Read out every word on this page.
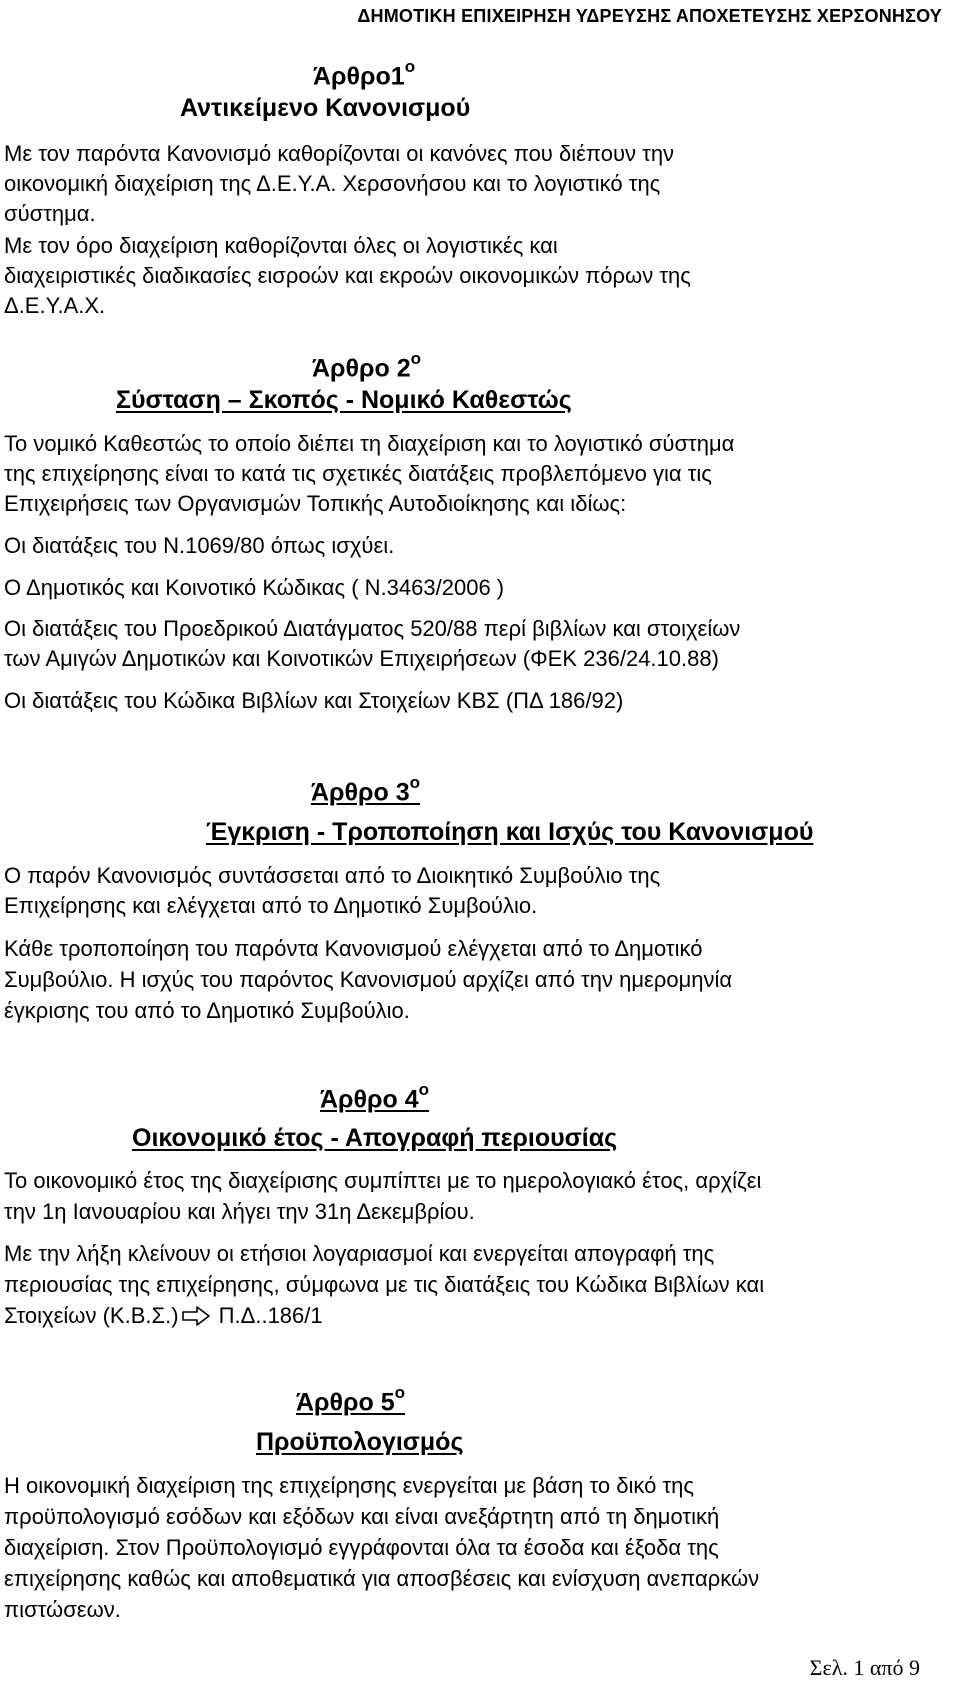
ΔΗΜΟΤΙΚΗ ΕΠΙΧΕΙΡΗΣΗ ΥΔΡΕΥΣΗΣ ΑΠΟΧΕΤΕΥΣΗΣ ΧΕΡΣΟΝΗΣΟΥ
$Ά\rho\theta\rho o1^o$
Αντικείμενο Κανονισμού
Με τον παρόντα Κανονισμό καθορίζονται οι κανόνες που διέπουν την
οικονομική διαχείριση της Δ.Ε.Υ.Α. Χερσονήσου και το λογιστικό της
σύστημα.
Με τον όρο διαχείριση καθορίζονται όλες οι λογιστικές και
διαχειριστικές διαδικασίες εισροών και εκροών οικονομικών πόρων της
Δ.Ε.Υ.Α.Χ.
Άρθρο $2^o$
Σύσταση – Σκοπός - Νομικό Καθεστώς
Το νομικό Καθεστώς το οποίο διέπει τη διαχείριση και το λογιστικό σύστημα
της επιχείρησης είναι το κατά τις σχετικές διατάξεις προβλεπόμενο για τις
Επιχειρήσεις των Οργανισμών Τοπικής Αυτοδιοίκησης και ιδίως:
Οι διατάξεις του Ν.1069/80 όπως ισχύει.
Ο Δημοτικός και Κοινοτικό Κώδικας ( Ν.3463/2006 )
Οι διατάξεις του Προεδρικού Διατάγματος 520/88 περί βιβλίων και στοιχείων
των Αμιγών Δημοτικών και Κοινοτικών Επιχειρήσεων (ΦΕΚ 236/24.10.88)
Οι διατάξεις του Κώδικα Βιβλίων και Στοιχείων ΚΒΣ (ΠΔ 186/92)
Άρθρο $3^o$
Έγκριση - Τροποποίηση και Ισχύς του Κανονισμού
Ο παρόν Κανονισμός συντάσσεται από το Διοικητικό Συμβούλιο της
Επιχείρησης και ελέγχεται από το Δημοτικό Συμβούλιο.
Κάθε τροποποίηση του παρόντα Κανονισμού ελέγχεται από το Δημοτικό
Συμβούλιο. Η ισχύς του παρόντος Κανονισμού αρχίζει από την ημερομηνία
έγκρισης του από το Δημοτικό Συμβούλιο.
Άρθρο $4^o$
Οικονομικό έτος - Απογραφή περιουσίας
Το οικονομικό έτος της διαχείρισης συμπίπτει με το ημερολογιακό έτος, αρχίζει
την 1η Ιανουαρίου και λήγει την 31η Δεκεμβρίου.
Με την λήξη κλείνουν οι ετήσιοι λογαριασμοί και ενεργείται απογραφή της
περιουσίας της επιχείρησης, σύμφωνα με τις διατάξεις του Κώδικα Βιβλίων και
Στοιχείων (Κ.Β.Σ.) Π.Δ..186/1
Άρθρο $5^o$
Προϋπολογισμός
Η οικονομική διαχείριση της επιχείρησης ενεργείται με βάση το δικό της
προϋπολογισμό εσόδων και εξόδων και είναι ανεξάρτητη από τη δημοτική
διαχείριση. Στον Προϋπολογισμό εγγράφονται όλα τα έσοδα και έξοδα της
επιχείρησης καθώς και αποθεματικά για αποσβέσεις και ενίσχυση ανεπαρκών
πιστώσεων.
Σελ. 1 από 9
